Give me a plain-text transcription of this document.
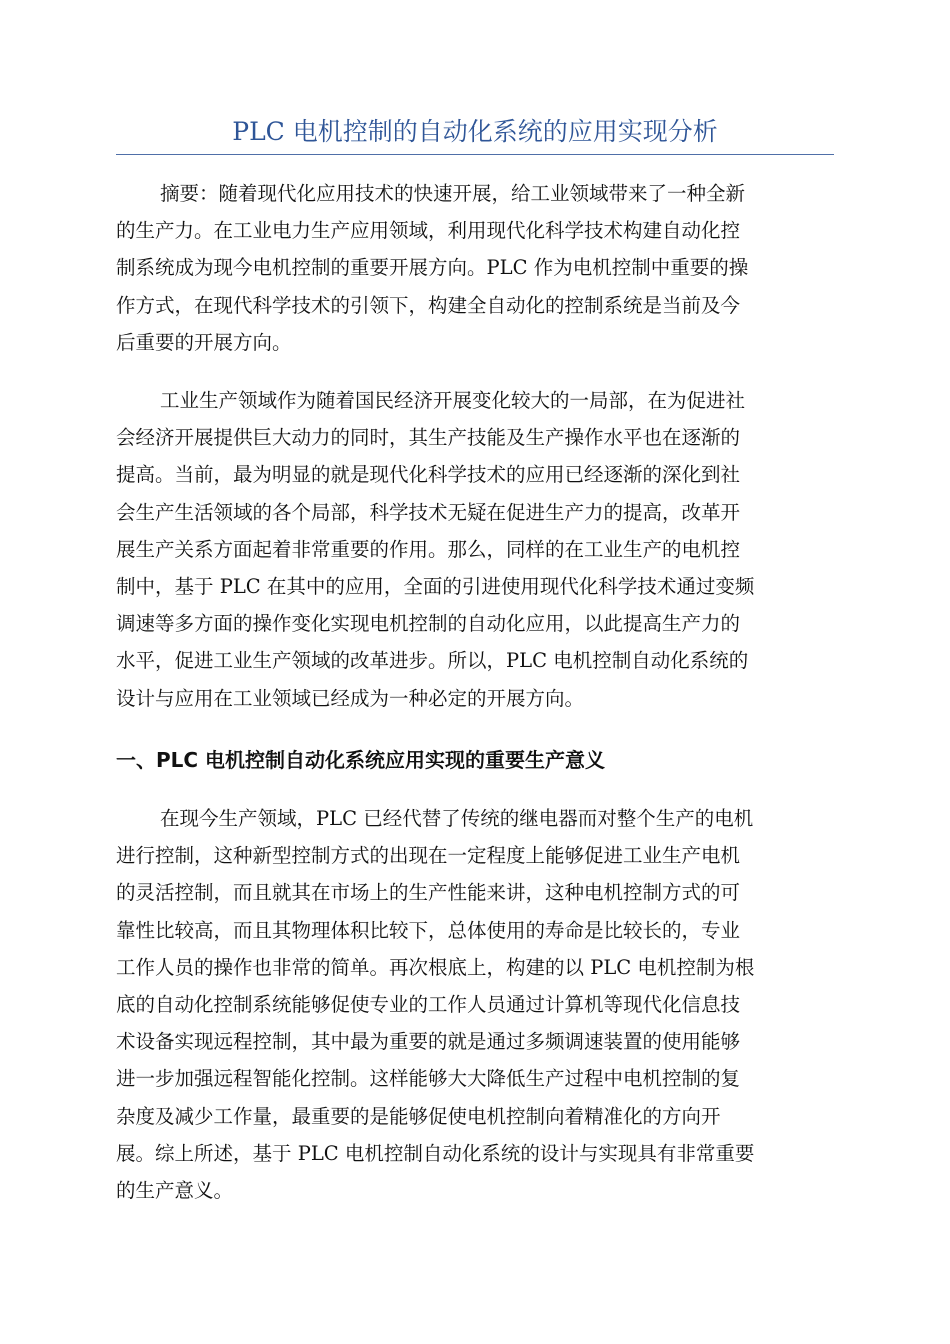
PLC 电机控制的自动化系统的应用实现分析

摘要：随着现代化应用技术的快速开展，给工业领域带来了一种全新
的生产力。在工业电力生产应用领域，利用现代化科学技术构建自动化控
制系统成为现今电机控制的重要开展方向。PLC 作为电机控制中重要的操
作方式，在现代科学技术的引领下，构建全自动化的控制系统是当前及今
后重要的开展方向。

工业生产领域作为随着国民经济开展变化较大的一局部，在为促进社
会经济开展提供巨大动力的同时，其生产技能及生产操作水平也在逐渐的
提高。当前，最为明显的就是现代化科学技术的应用已经逐渐的深化到社
会生产生活领域的各个局部，科学技术无疑在促进生产力的提高，改革开
展生产关系方面起着非常重要的作用。那么，同样的在工业生产的电机控
制中，基于 PLC 在其中的应用，全面的引进使用现代化科学技术通过变频
调速等多方面的操作变化实现电机控制的自动化应用，以此提高生产力的
水平，促进工业生产领域的改革进步。所以，PLC 电机控制自动化系统的
设计与应用在工业领域已经成为一种必定的开展方向。

一、PLC 电机控制自动化系统应用实现的重要生产意义

在现今生产领域，PLC 已经代替了传统的继电器而对整个生产的电机
进行控制，这种新型控制方式的出现在一定程度上能够促进工业生产电机
的灵活控制，而且就其在市场上的生产性能来讲，这种电机控制方式的可
靠性比较高，而且其物理体积比较下，总体使用的寿命是比较长的，专业
工作人员的操作也非常的简单。再次根底上，构建的以 PLC 电机控制为根
底的自动化控制系统能够促使专业的工作人员通过计算机等现代化信息技
术设备实现远程控制，其中最为重要的就是通过多频调速装置的使用能够
进一步加强远程智能化控制。这样能够大大降低生产过程中电机控制的复
杂度及减少工作量，最重要的是能够促使电机控制向着精准化的方向开
展。综上所述，基于 PLC 电机控制自动化系统的设计与实现具有非常重要
的生产意义。
